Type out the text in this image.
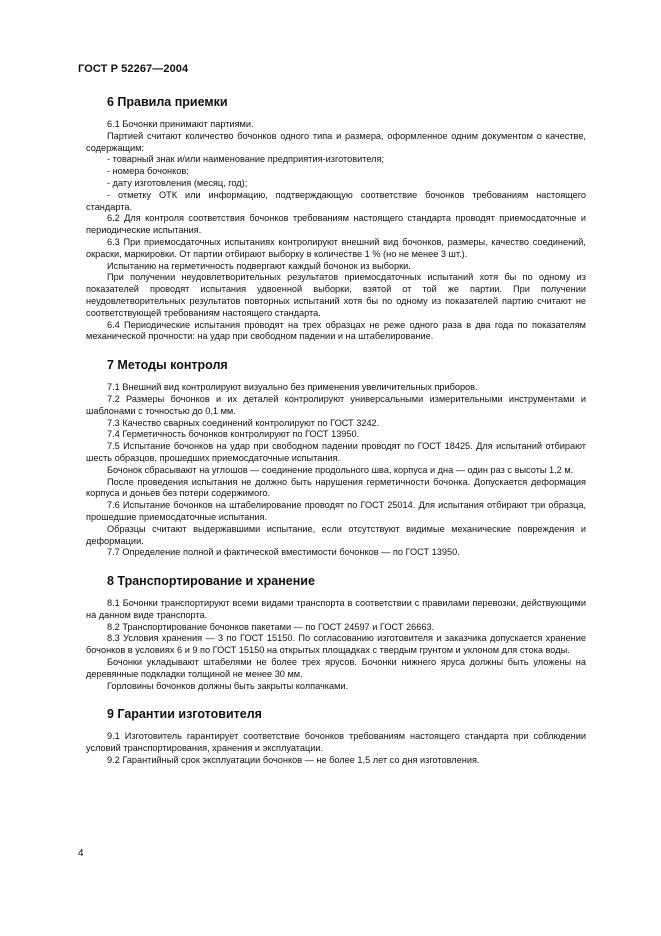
ГОСТ Р 52267—2004
6 Правила приемки

6.1 Бочонки принимают партиями.

Партией считают количество бочонков одного типа и размера, оформленное одним документом о качестве, содержащим:

- товарный знак и/или наименование предприятия-изготовителя;

- номера бочонков;

- дату изготовления (месяц, год);

- отметку ОТК или информацию, подтверждающую соответствие бочонков требованиям настоящего стандарта.

6.2 Для контроля соответствия бочонков требованиям настоящего стандарта проводят приемосдаточные и периодические испытания.

6.3 При приемосдаточных испытаниях контролируют внешний вид бочонков, размеры, качество соединений, окраски, маркировки. От партии отбирают выборку в количестве 1 % (но не менее 3 шт.).

Испытанию на герметичность подвергают каждый бочонок из выборки.

При получении неудовлетворительных результатов приемосдаточных испытаний хотя бы по одному из показателей проводят испытания удвоенной выборки, взятой от той же партии. При получении неудовлетворительных результатов повторных испытаний хотя бы по одному из показателей партию считают не соответствующей требованиям настоящего стандарта.

6.4 Периодические испытания проводят на трех образцах не реже одного раза в два года по показателям механической прочности: на удар при свободном падении и на штабелирование.

7 Методы контроля

7.1 Внешний вид контролируют визуально без применения увеличительных приборов.

7.2 Размеры бочонков и их деталей контролируют универсальными измерительными инструментами и шаблонами с точностью до 0,1 мм.

7.3 Качество сварных соединений контролируют по ГОСТ 3242.

7.4 Герметичность бочонков контролируют по ГОСТ 13950.

7.5 Испытание бочонков на удар при свободном падении проводят по ГОСТ 18425. Для испытаний отбирают шесть образцов, прошедших приемосдаточные испытания.

Бочонок сбрасывают на углошов — соединение продольного шва, корпуса и дна — один раз с высоты 1,2 м.

После проведения испытания не должно быть нарушения герметичности бочонка. Допускается деформация корпуса и доньев без потери содержимого.

7.6 Испытание бочонков на штабелирование проводят по ГОСТ 25014. Для испытания отбирают три образца, прошедшие приемосдаточные испытания.

Образцы считают выдержавшими испытание, если отсутствуют видимые механические повреждения и деформации.

7.7 Определение полной и фактической вместимости бочонков — по ГОСТ 13950.

8 Транспортирование и хранение

8.1 Бочонки транспортируют всеми видами транспорта в соответствии с правилами перевозки, действующими на данном виде транспорта.

8.2 Транспортирование бочонков пакетами — по ГОСТ 24597 и ГОСТ 26663.

8.3 Условия хранения — 3 по ГОСТ 15150. По согласованию изготовителя и заказчика допускается хранение бочонков в условиях 6 и 9 по ГОСТ 15150 на открытых площадках с твердым грунтом и уклоном для стока воды.

Бочонки укладывают штабелями не более трех ярусов. Бочонки нижнего яруса должны быть уложены на деревянные подкладки толщиной не менее 30 мм.

Горловины бочонков должны быть закрыты колпачками.

9 Гарантии изготовителя

9.1 Изготовитель гарантирует соответствие бочонков требованиям настоящего стандарта при соблюдении условий транспортирования, хранения и эксплуатации.

9.2 Гарантийный срок эксплуатации бочонков — не более 1,5 лет со дня изготовления.

4
